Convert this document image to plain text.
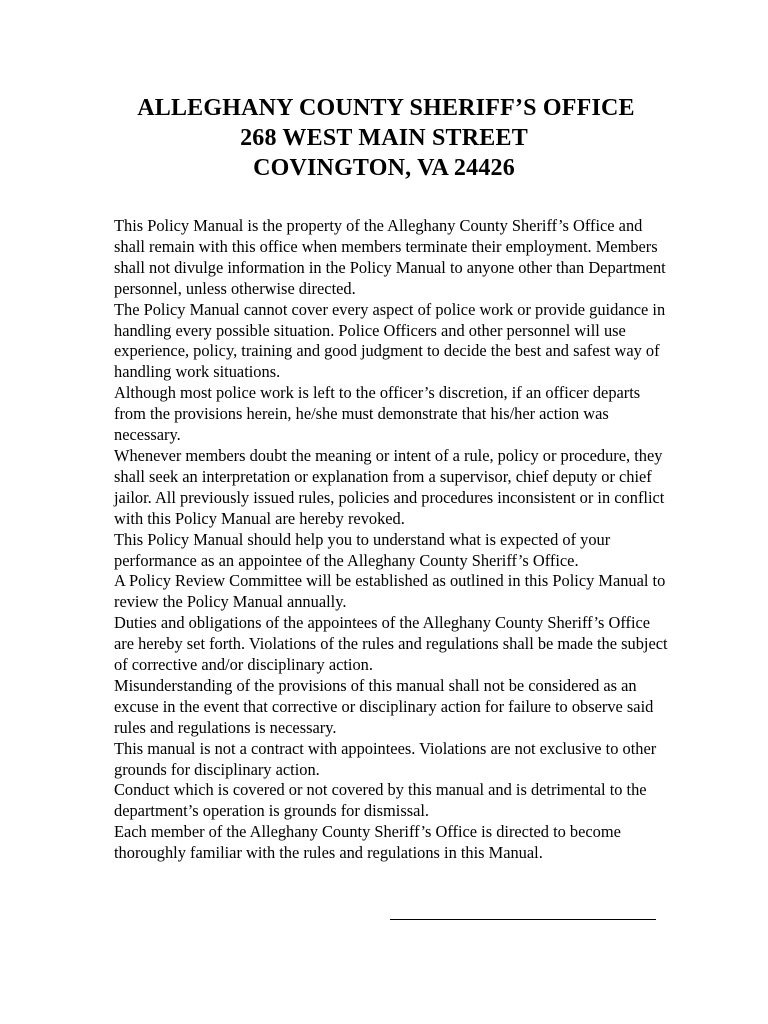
ALLEGHANY COUNTY SHERIFF’S OFFICE
268 WEST MAIN STREET
COVINGTON, VA 24426

This Policy Manual is the property of the Alleghany County Sheriff’s Office and shall remain with this office when members terminate their employment. Members shall not divulge information in the Policy Manual to anyone other than Department personnel, unless otherwise directed.

The Policy Manual cannot cover every aspect of police work or provide guidance in handling every possible situation. Police Officers and other personnel will use experience, policy, training and good judgment to decide the best and safest way of handling work situations.

Although most police work is left to the officer’s discretion, if an officer departs from the provisions herein, he/she must demonstrate that his/her action was necessary.

Whenever members doubt the meaning or intent of a rule, policy or procedure, they shall seek an interpretation or explanation from a supervisor, chief deputy or chief jailor. All previously issued rules, policies and procedures inconsistent or in conflict with this Policy Manual are hereby revoked.

This Policy Manual should help you to understand what is expected of your performance as an appointee of the Alleghany County Sheriff’s Office.

A Policy Review Committee will be established as outlined in this Policy Manual to review the Policy Manual annually.

Duties and obligations of the appointees of the Alleghany County Sheriff’s Office are hereby set forth. Violations of the rules and regulations shall be made the subject of corrective and/or disciplinary action.

Misunderstanding of the provisions of this manual shall not be considered as an excuse in the event that corrective or disciplinary action for failure to observe said rules and regulations is necessary.

This manual is not a contract with appointees. Violations are not exclusive to other grounds for disciplinary action.

Conduct which is covered or not covered by this manual and is detrimental to the department’s operation is grounds for dismissal.

Each member of the Alleghany County Sheriff’s Office is directed to become thoroughly familiar with the rules and regulations in this Manual.
